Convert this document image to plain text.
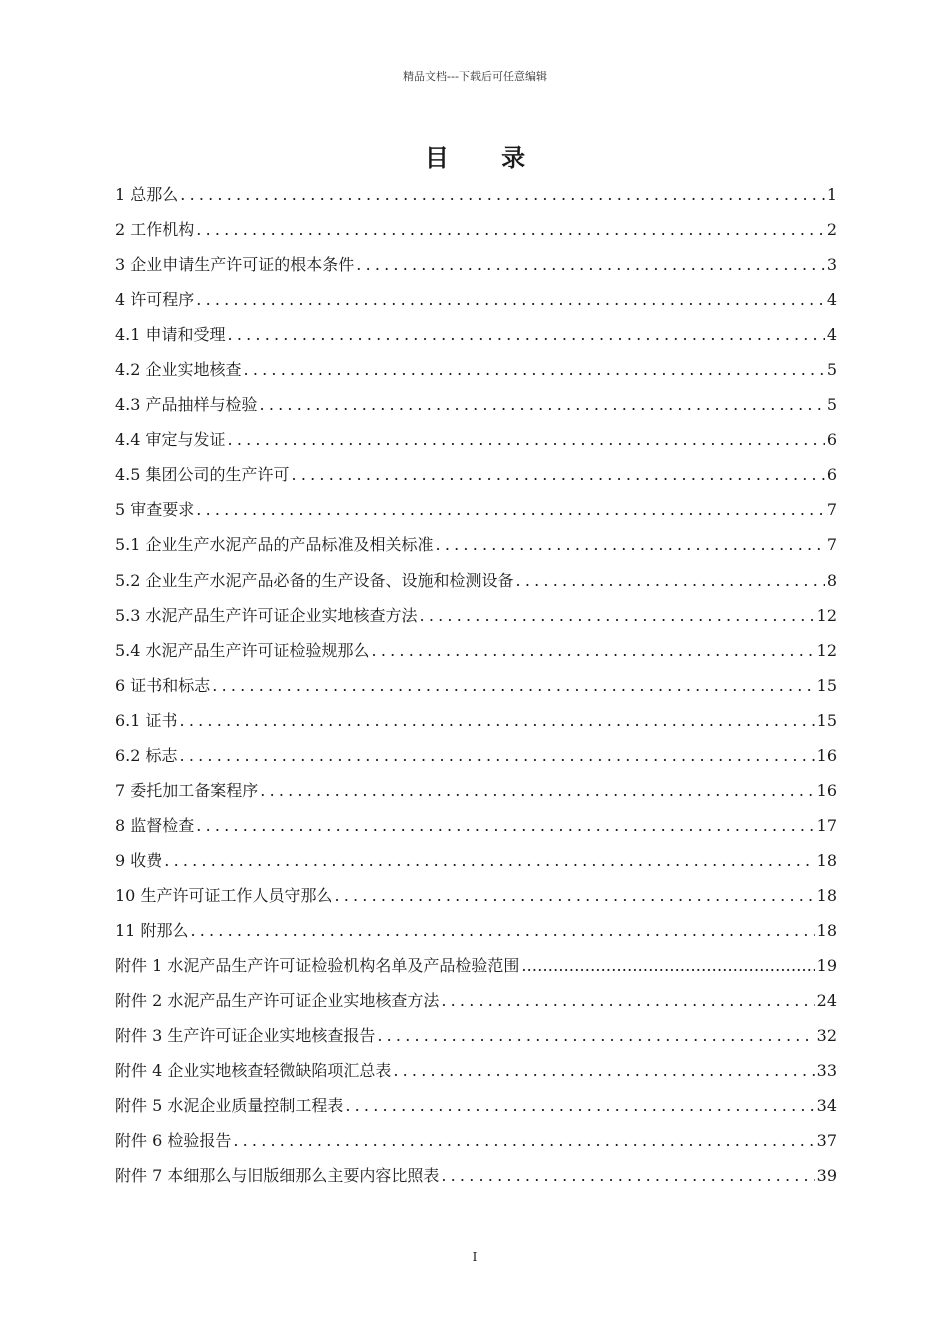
精品文档---下载后可任意编辑
目 录
1 总那么 .....	1
2 工作机构 .....	2
3 企业申请生产许可证的根本条件 .....	3
4 许可程序 .....	4
4.1 申请和受理 .....	4
4.2 企业实地核查 .....	5
4.3 产品抽样与检验 .....	5
4.4 审定与发证 .....	6
4.5 集团公司的生产许可 .....	6
5 审查要求 .....	7
5.1 企业生产水泥产品的产品标准及相关标准 .....	7
5.2 企业生产水泥产品必备的生产设备、设施和检测设备 .....	8
5.3 水泥产品生产许可证企业实地核查方法 .....	12
5.4 水泥产品生产许可证检验规那么 .....	12
6 证书和标志 .....	15
6.1 证书 .....	15
6.2 标志 .....	16
7 委托加工备案程序 .....	16
8 监督检查 .....	17
9 收费 .....	18
10 生产许可证工作人员守那么 .....	18
11 附那么 .....	18
附件 1 水泥产品生产许可证检验机构名单及产品检验范围 .....	19
附件 2 水泥产品生产许可证企业实地核查方法 .....	24
附件 3 生产许可证企业实地核查报告 .....	32
附件 4 企业实地核查轻微缺陷项汇总表 .....	33
附件 5 水泥企业质量控制工程表 .....	34
附件 6 检验报告 .....	37
附件 7 本细那么与旧版细那么主要内容比照表 .....	39
I
